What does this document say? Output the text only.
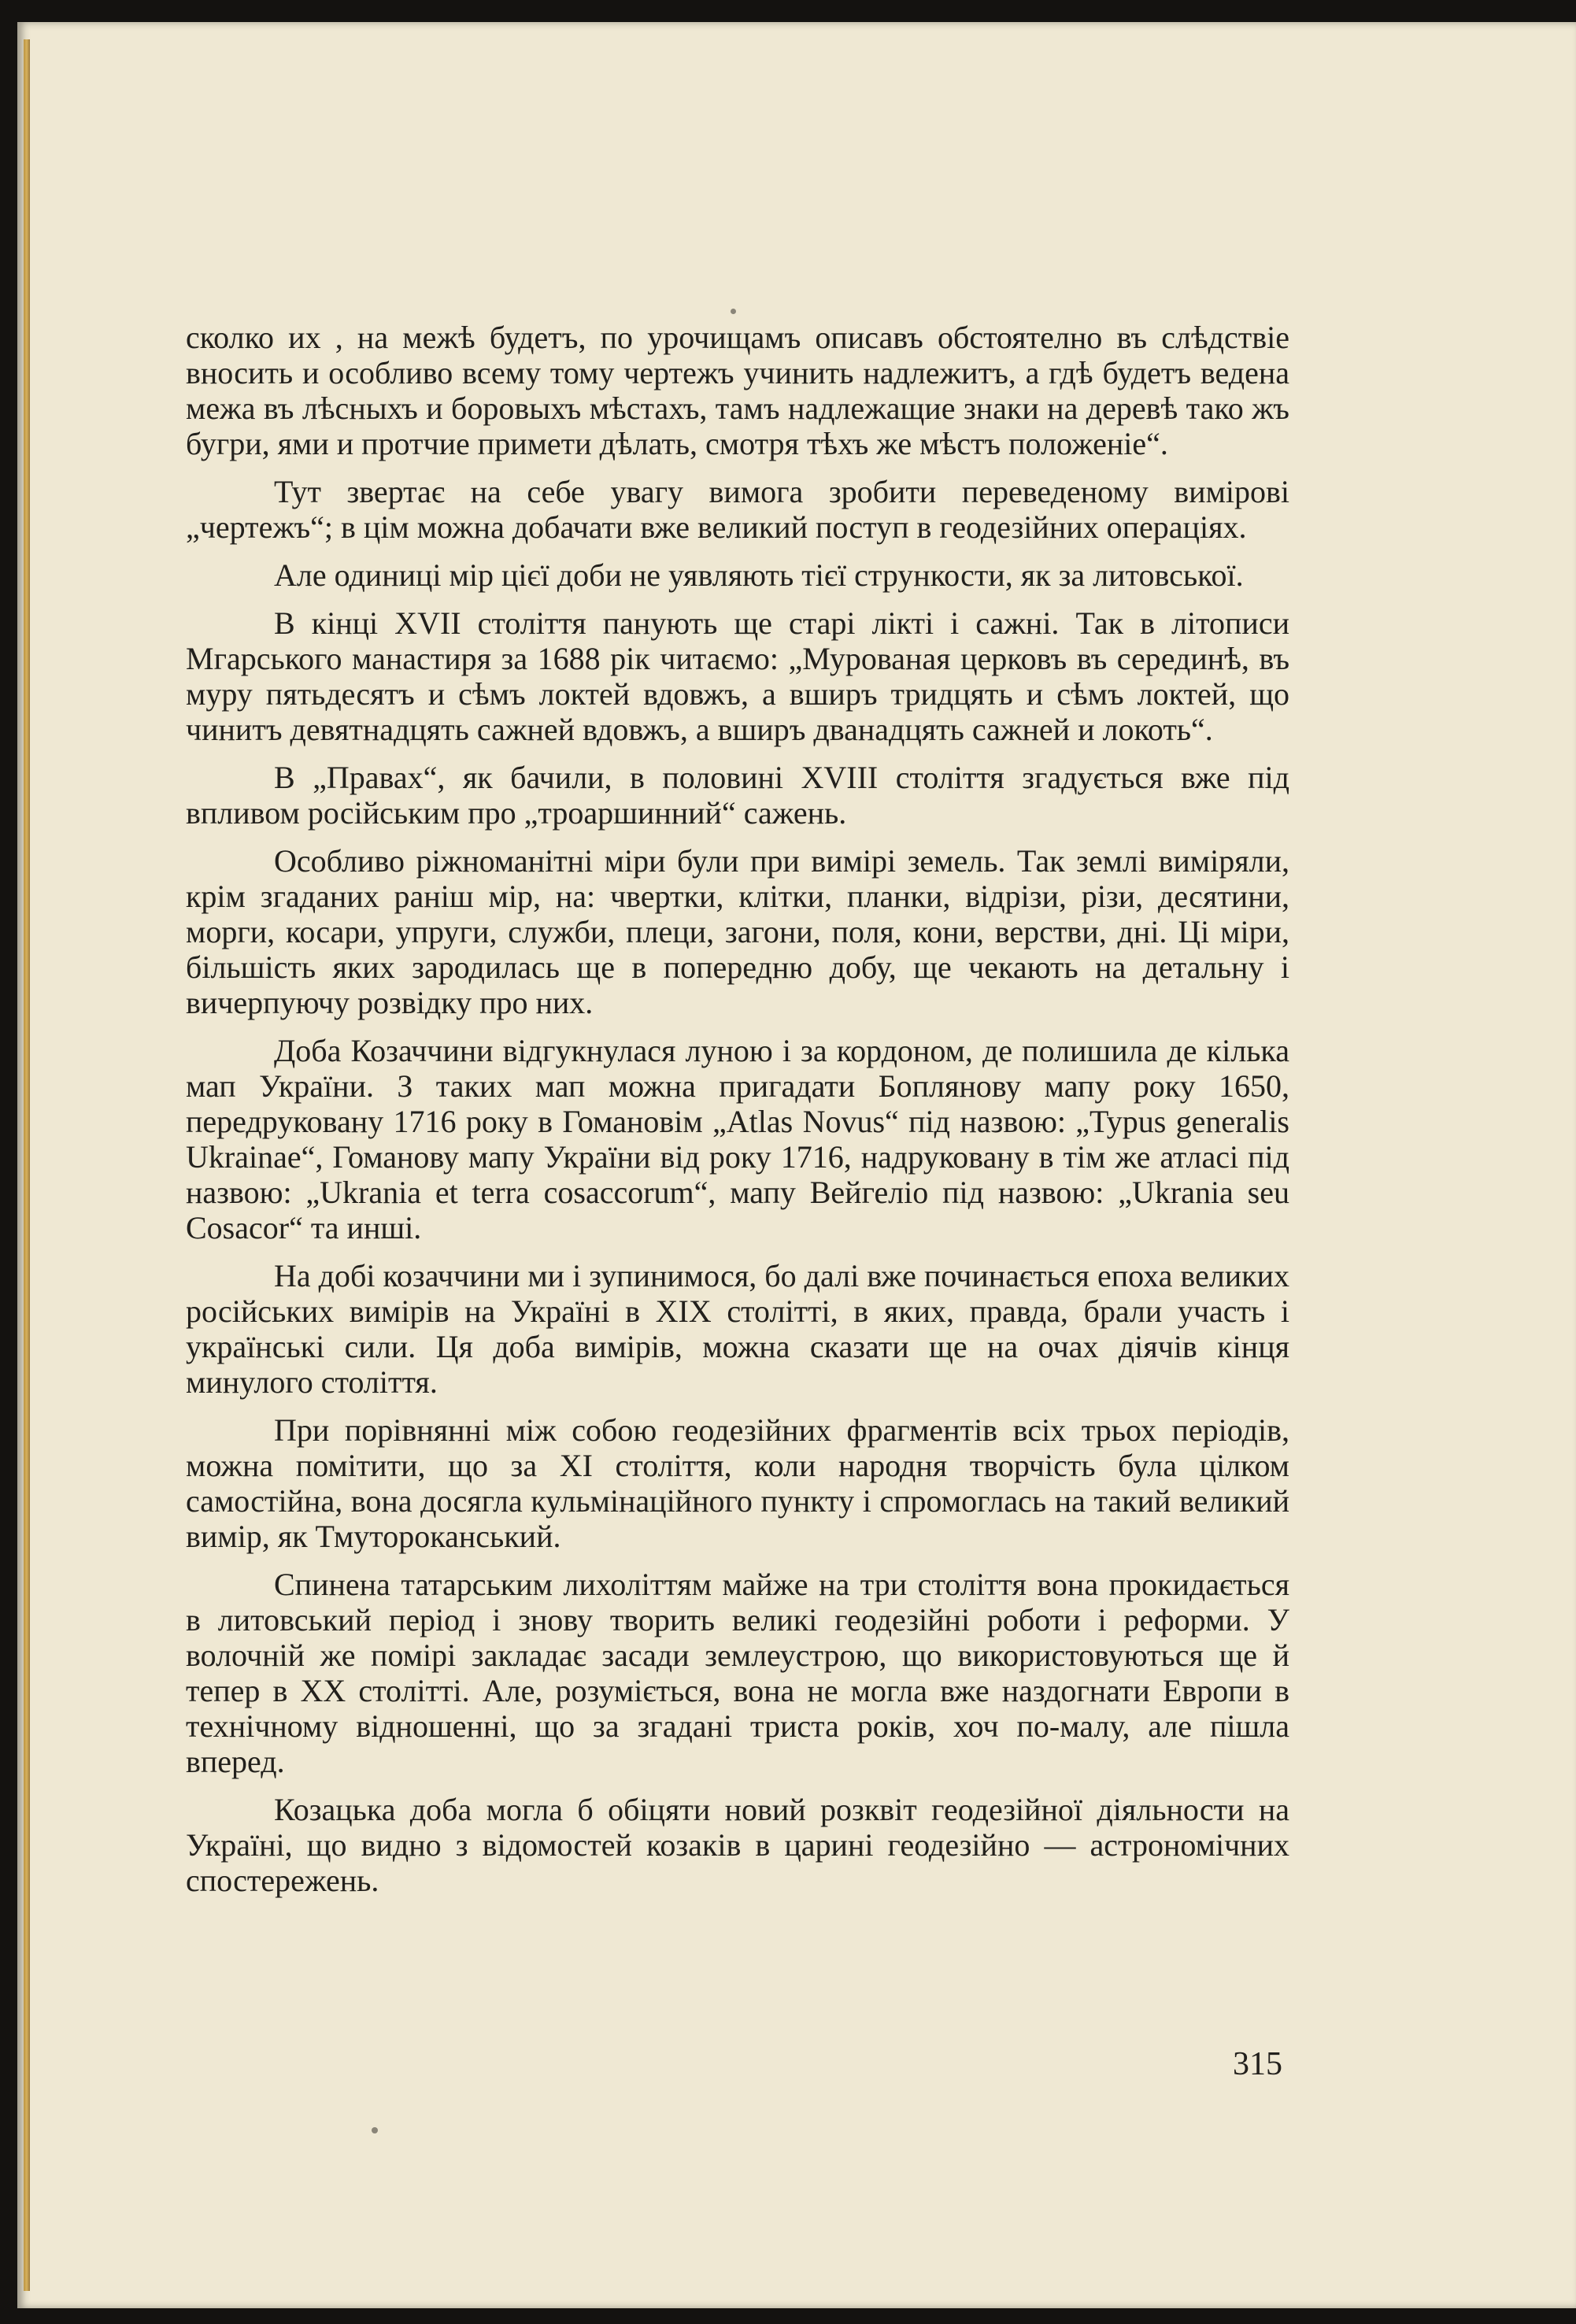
сколко их , на межѣ будетъ, по урочищамъ описавъ обстоятелно въ слѣдствіе вносить и особливо всему тому чертежъ учинить надлежитъ, а гдѣ будетъ ведена межа въ лѣсныхъ и боровыхъ мѣстахъ, тамъ надлежащие знаки на деревѣ тако жъ бугри, ями и протчие примети дѣлать, смотря тѣхъ же мѣстъ положеніе“.

Тут звертає на себе увагу вимога зробити переведеному вимірові „чертежъ“; в цім можна добачати вже великий поступ в геодезійних операціях.

Але одиниці мір цієї доби не уявляють тієї стрункости, як за литовської.

В кінці XVII століття панують ще старі лікті і сажні. Так в літописи Мгарського манастиря за 1688 рік читаємо: „Мурованая церковъ въ серединѣ, въ муру пятьдесятъ и сѣмъ локтей вдовжъ, а вширъ тридцять и сѣмъ локтей, що чинитъ девятнадцять сажней вдовжъ, а вширъ дванадцять сажней и локоть“.

В „Правах“, як бачили, в половині XVIII століття згадується вже під впливом російським про „троаршинний“ сажень.

Особливо ріжноманітні міри були при вимірі земель. Так землі виміряли, крім згаданих раніш мір, на: чвертки, клітки, планки, відрізи, різи, десятини, морги, косари, упруги, служби, плеци, загони, поля, кони, верстви, дні. Ці міри, більшість яких зародилась ще в попередню добу, ще чекають на детальну і вичерпуючу розвідку про них.

Доба Козаччини відгукнулася луною і за кордоном, де полишила де кілька мап України. З таких мап можна пригадати Боплянову мапу року 1650, передруковану 1716 року в Гомановім „Atlas Novus“ під назвою: „Typus generalis Ukrainae“, Гоманову мапу України від року 1716, надруковану в тім же атласі під назвою: „Ukrania et terra cosaccorum“, мапу Вейгеліо під назвою: „Ukrania seu Cosacor“ та инші.

На добі козаччини ми і зупинимося, бо далі вже починається епоха великих російських вимірів на Україні в XIX столітті, в яких, правда, брали участь і українські сили. Ця доба вимірів, можна сказати ще на очах діячів кінця минулого століття.

При порівнянні між собою геодезійних фрагментів всіх трьох періодів, можна помітити, що за XI століття, коли народня творчість була цілком самостійна, вона досягла кульмінаційного пункту і спромоглась на такий великий вимір, як Тмутороканський.

Спинена татарським лихоліттям майже на три століття вона прокидається в литовський період і знову творить великі геодезійні роботи і реформи. У волочній же помірі закладає засади землеустрою, що використовуються ще й тепер в XX столітті. Але, розуміється, вона не могла вже наздогнати Европи в технічному відношенні, що за згадані триста років, хоч по-малу, але пішла вперед.

Козацька доба могла б обіцяти новий розквіт геодезійної діяльности на Україні, що видно з відомостей козаків в царині геодезійно — астрономічних спостережень.

315
